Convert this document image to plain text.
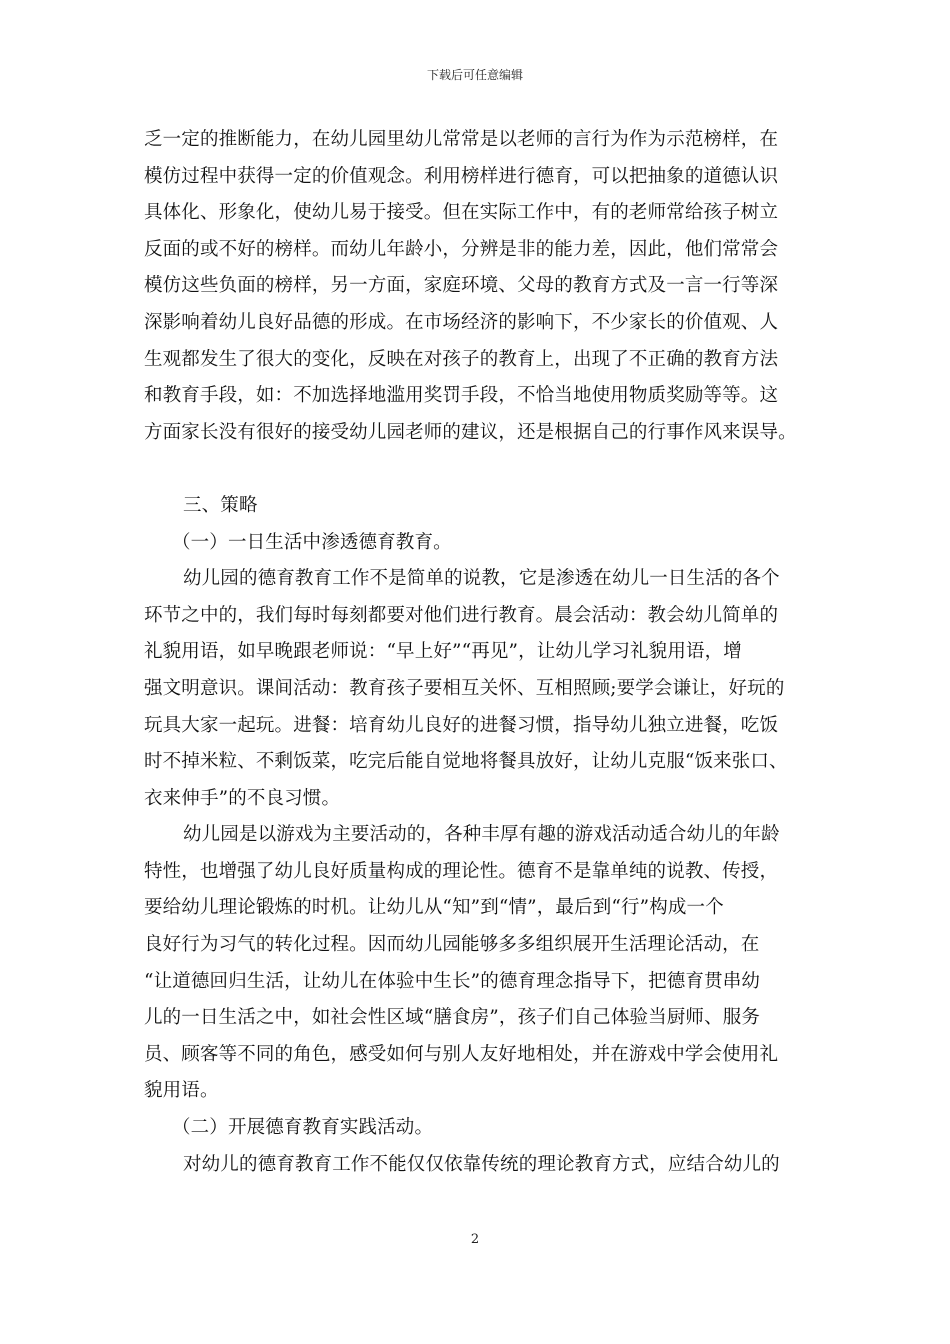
下载后可任意编辑
乏一定的推断能力，在幼儿园里幼儿常常是以老师的言行为作为示范榜样，在
模仿过程中获得一定的价值观念。利用榜样进行德育，可以把抽象的道德认识
具体化、形象化，使幼儿易于接受。但在实际工作中，有的老师常给孩子树立
反面的或不好的榜样。而幼儿年龄小，分辨是非的能力差，因此，他们常常会
模仿这些负面的榜样，另一方面，家庭环境、父母的教育方式及一言一行等深
深影响着幼儿良好品德的形成。在市场经济的影响下，不少家长的价值观、人
生观都发生了很大的变化，反映在对孩子的教育上，出现了不正确的教育方法
和教育手段，如：不加选择地滥用奖罚手段，不恰当地使用物质奖励等等。这
方面家长没有很好的接受幼儿园老师的建议，还是根据自己的行事作风来误导。
三、策略
（一）一日生活中渗透德育教育。
幼儿园的德育教育工作不是简单的说教，它是渗透在幼儿一日生活的各个
环节之中的，我们每时每刻都要对他们进行教育。晨会活动：教会幼儿简单的
礼貌用语，如早晚跟老师说：“早上好”“再见”，让幼儿学习礼貌用语，增
强文明意识。课间活动：教育孩子要相互关怀、互相照顾;要学会谦让，好玩的
玩具大家一起玩。进餐：培育幼儿良好的进餐习惯，指导幼儿独立进餐，吃饭
时不掉米粒、不剩饭菜，吃完后能自觉地将餐具放好，让幼儿克服“饭来张口、
衣来伸手”的不良习惯。
幼儿园是以游戏为主要活动的，各种丰厚有趣的游戏活动适合幼儿的年龄
特性，也增强了幼儿良好质量构成的理论性。德育不是靠单纯的说教、传授，
要给幼儿理论锻炼的时机。让幼儿从“知”到“情”，最后到“行”构成一个
良好行为习气的转化过程。因而幼儿园能够多多组织展开生活理论活动，在
“让道德回归生活，让幼儿在体验中生长”的德育理念指导下，把德育贯串幼
儿的一日生活之中，如社会性区域“膳食房”，孩子们自己体验当厨师、服务
员、顾客等不同的角色，感受如何与别人友好地相处，并在游戏中学会使用礼
貌用语。
（二）开展德育教育实践活动。
对幼儿的德育教育工作不能仅仅依靠传统的理论教育方式，应结合幼儿的
2
